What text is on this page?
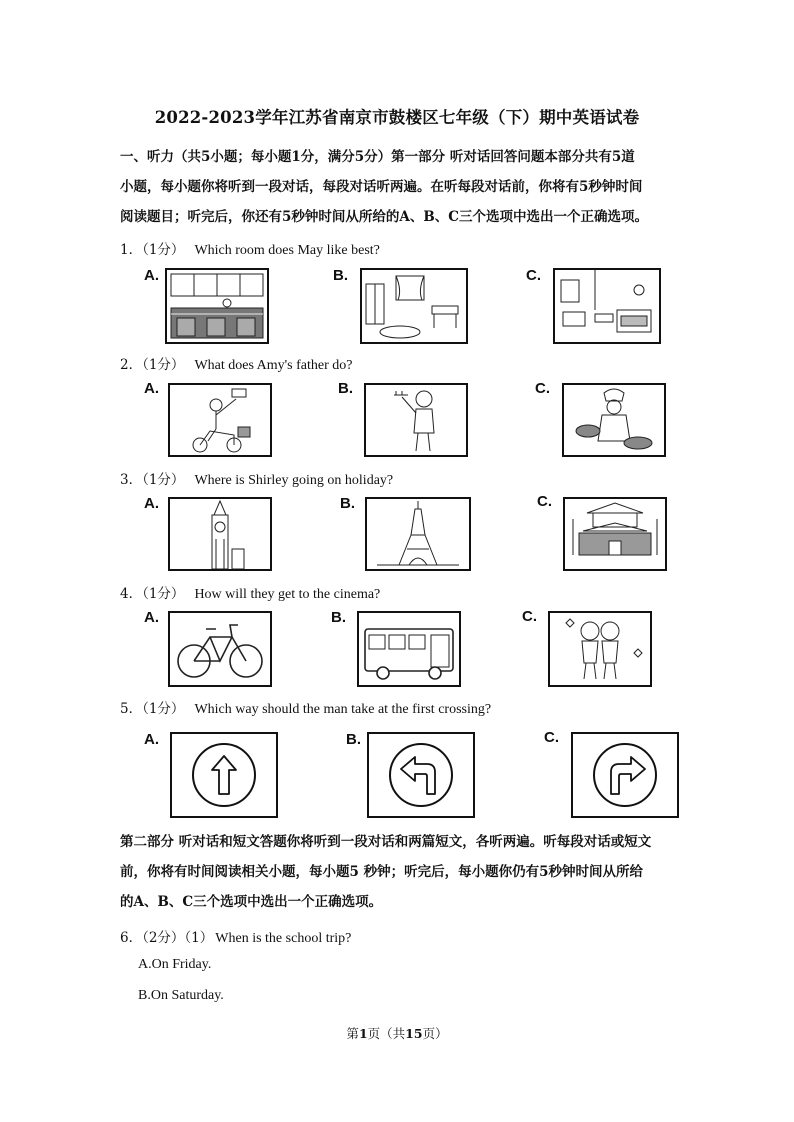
2022-2023学年江苏省南京市鼓楼区七年级（下）期中英语试卷
一、听力（共5小题；每小题1分，满分5分）第一部分 听对话回答问题本部分共有5道
小题，每小题你将听到一段对话，每段对话听两遍。在听每段对话前，你将有5秒钟时间
阅读题目；听完后，你还有5秒钟时间从所给的A、B、C三个选项中选出一个正确选项。
1．（1分） Which room does May like best?
A.	B.	C.
2．（1分） What does Amy's father do?
A.	B.	C.
3．（1分） Where is Shirley going on holiday?
A.	B.	C.
4．（1分） How will they get to the cinema?
A.	B.	C.
5．（1分） Which way should the man take at the first crossing?
A.	B.	C.
第二部分 听对话和短文答题你将听到一段对话和两篇短文，各听两遍。听每段对话或短文
前，你将有时间阅读相关小题，每小题5 秒钟；听完后，每小题你仍有5秒钟时间从所给
的A、B、C三个选项中选出一个正确选项。
6．（2分）（1） When is the school trip?
A.On Friday.
B.On Saturday.
第1页（共15页）
